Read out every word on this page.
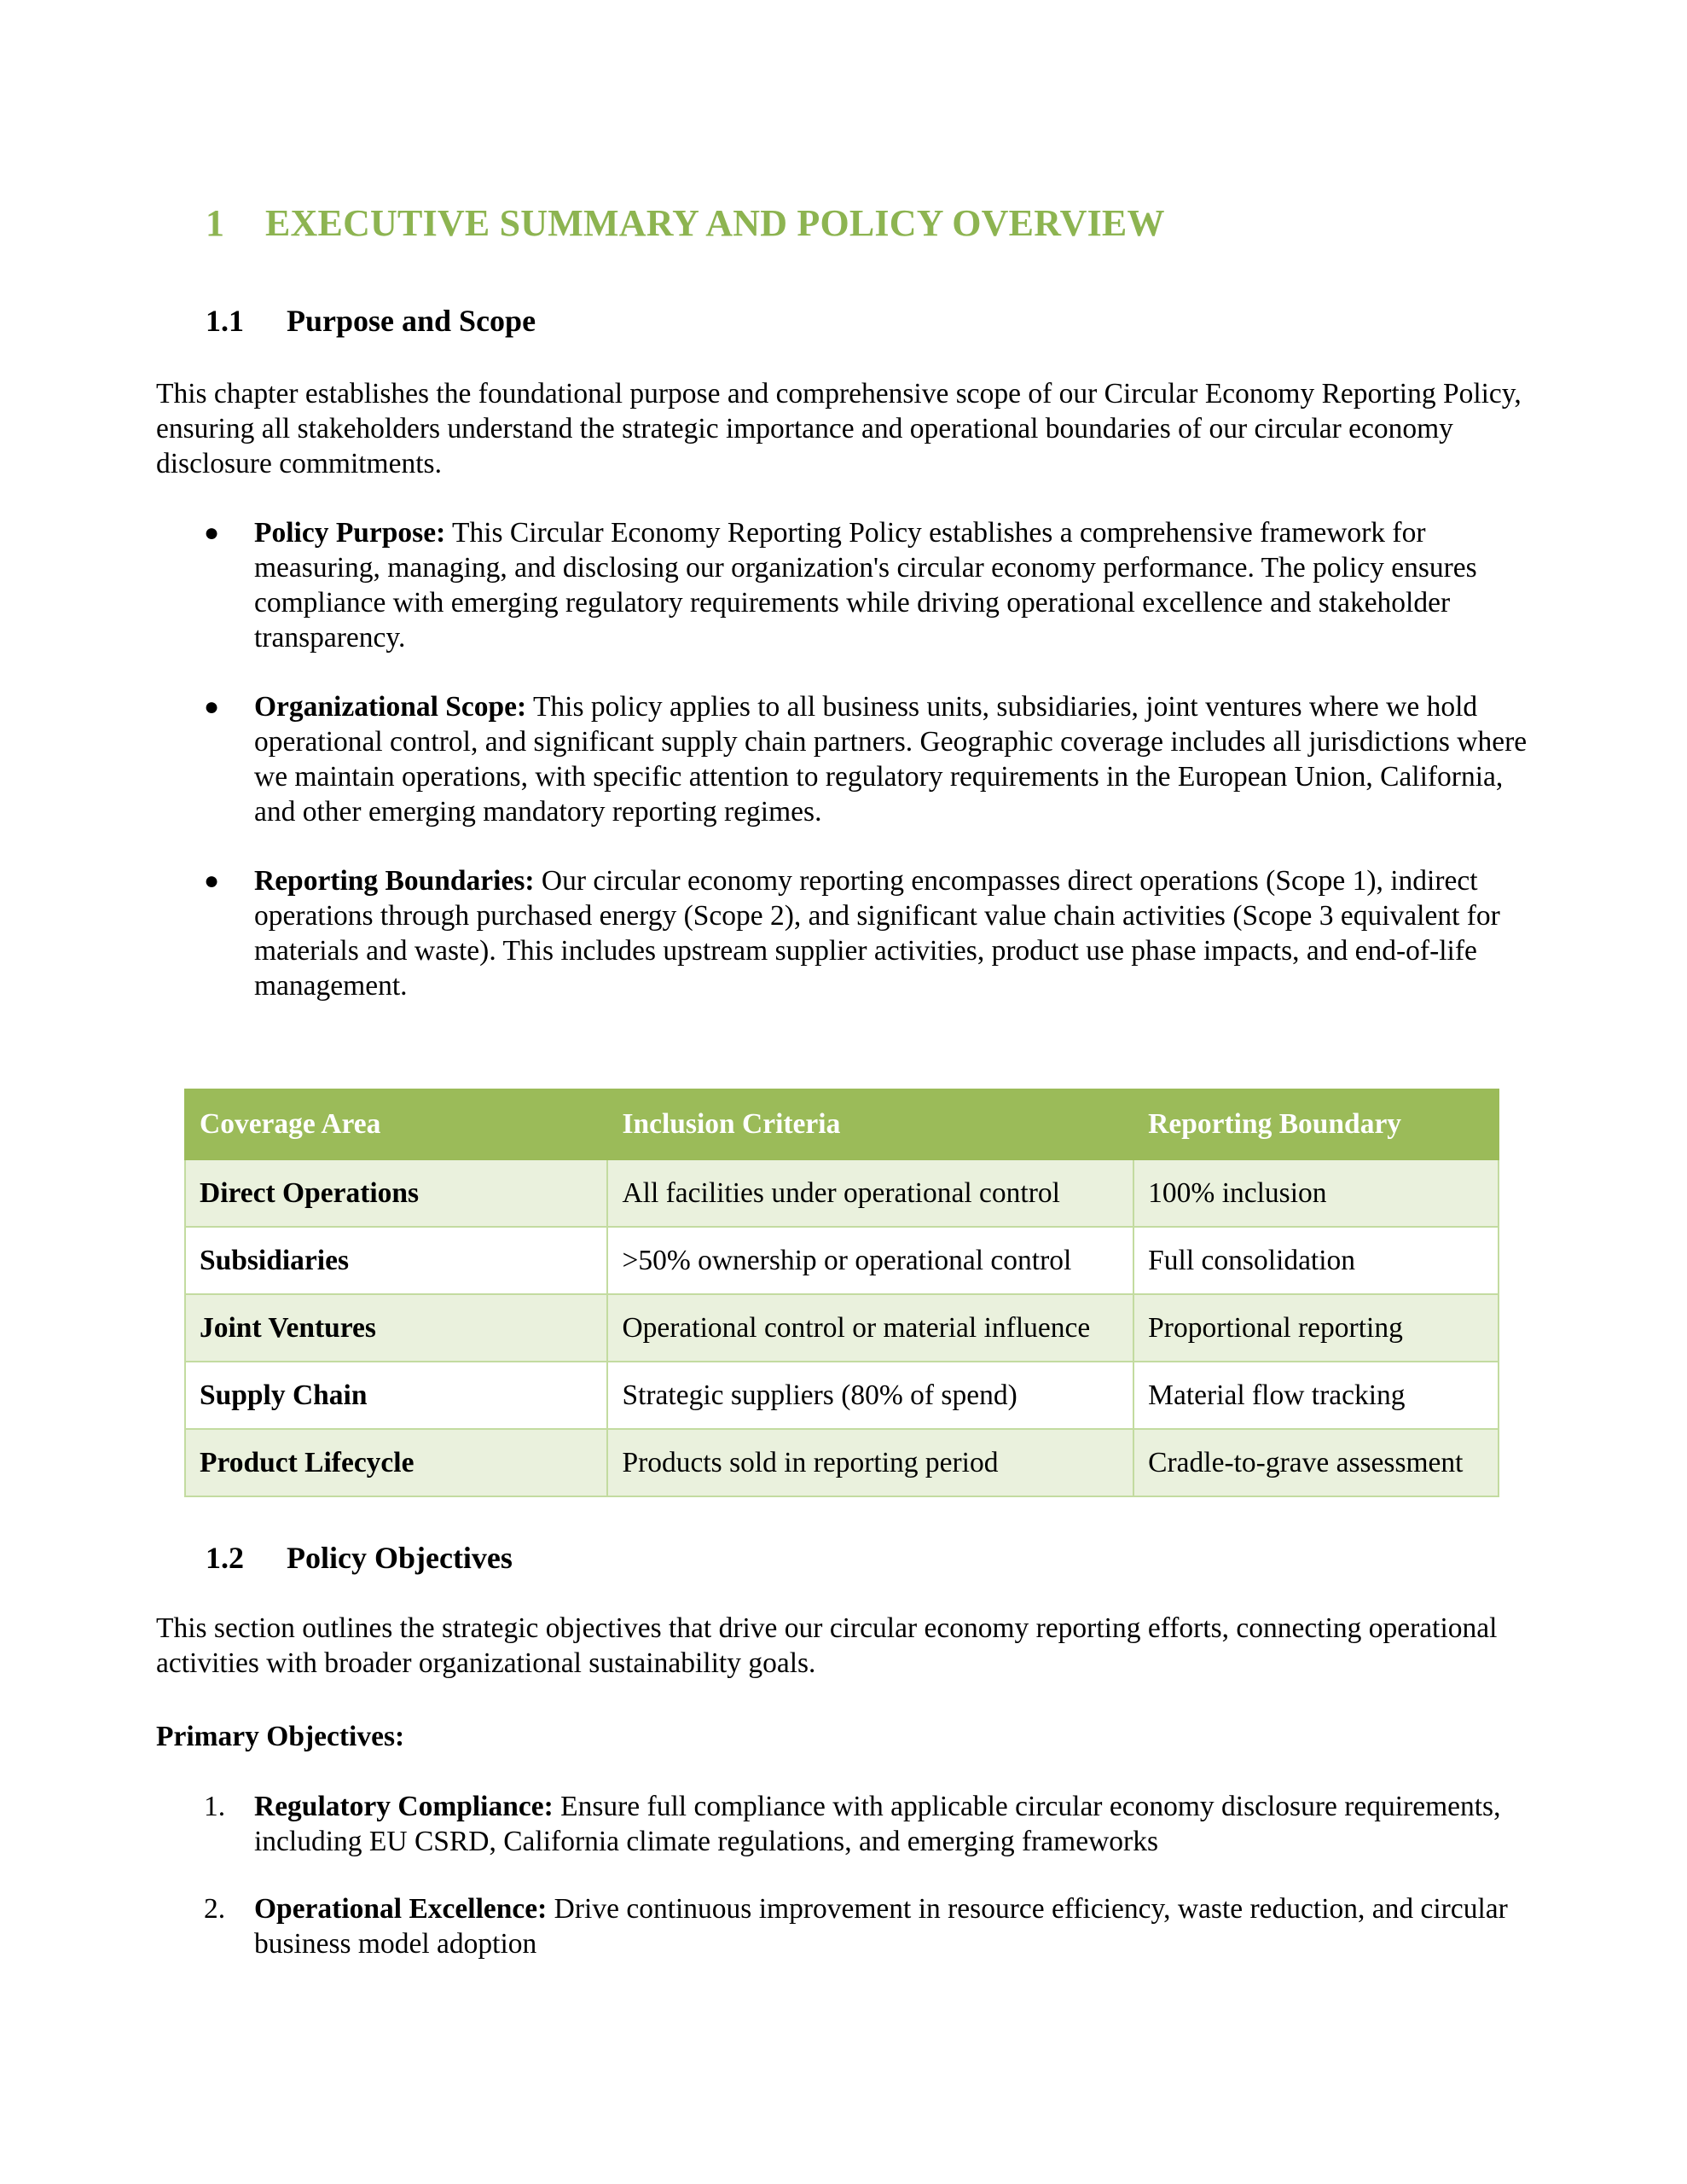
1 EXECUTIVE SUMMARY AND POLICY OVERVIEW
1.1 Purpose and Scope
This chapter establishes the foundational purpose and comprehensive scope of our Circular Economy Reporting Policy, ensuring all stakeholders understand the strategic importance and operational boundaries of our circular economy disclosure commitments.
● Policy Purpose: This Circular Economy Reporting Policy establishes a comprehensive framework for measuring, managing, and disclosing our organization's circular economy performance. The policy ensures compliance with emerging regulatory requirements while driving operational excellence and stakeholder transparency.
● Organizational Scope: This policy applies to all business units, subsidiaries, joint ventures where we hold operational control, and significant supply chain partners. Geographic coverage includes all jurisdictions where we maintain operations, with specific attention to regulatory requirements in the European Union, California, and other emerging mandatory reporting regimes.
● Reporting Boundaries: Our circular economy reporting encompasses direct operations (Scope 1), indirect operations through purchased energy (Scope 2), and significant value chain activities (Scope 3 equivalent for materials and waste). This includes upstream supplier activities, product use phase impacts, and end-of-life management.
Coverage Area	Inclusion Criteria	Reporting Boundary
Direct Operations	All facilities under operational control	100% inclusion
Subsidiaries	>50% ownership or operational control	Full consolidation
Joint Ventures	Operational control or material influence	Proportional reporting
Supply Chain	Strategic suppliers (80% of spend)	Material flow tracking
Product Lifecycle	Products sold in reporting period	Cradle-to-grave assessment
1.2 Policy Objectives
This section outlines the strategic objectives that drive our circular economy reporting efforts, connecting operational activities with broader organizational sustainability goals.
Primary Objectives:
1. Regulatory Compliance: Ensure full compliance with applicable circular economy disclosure requirements, including EU CSRD, California climate regulations, and emerging frameworks
2. Operational Excellence: Drive continuous improvement in resource efficiency, waste reduction, and circular business model adoption
